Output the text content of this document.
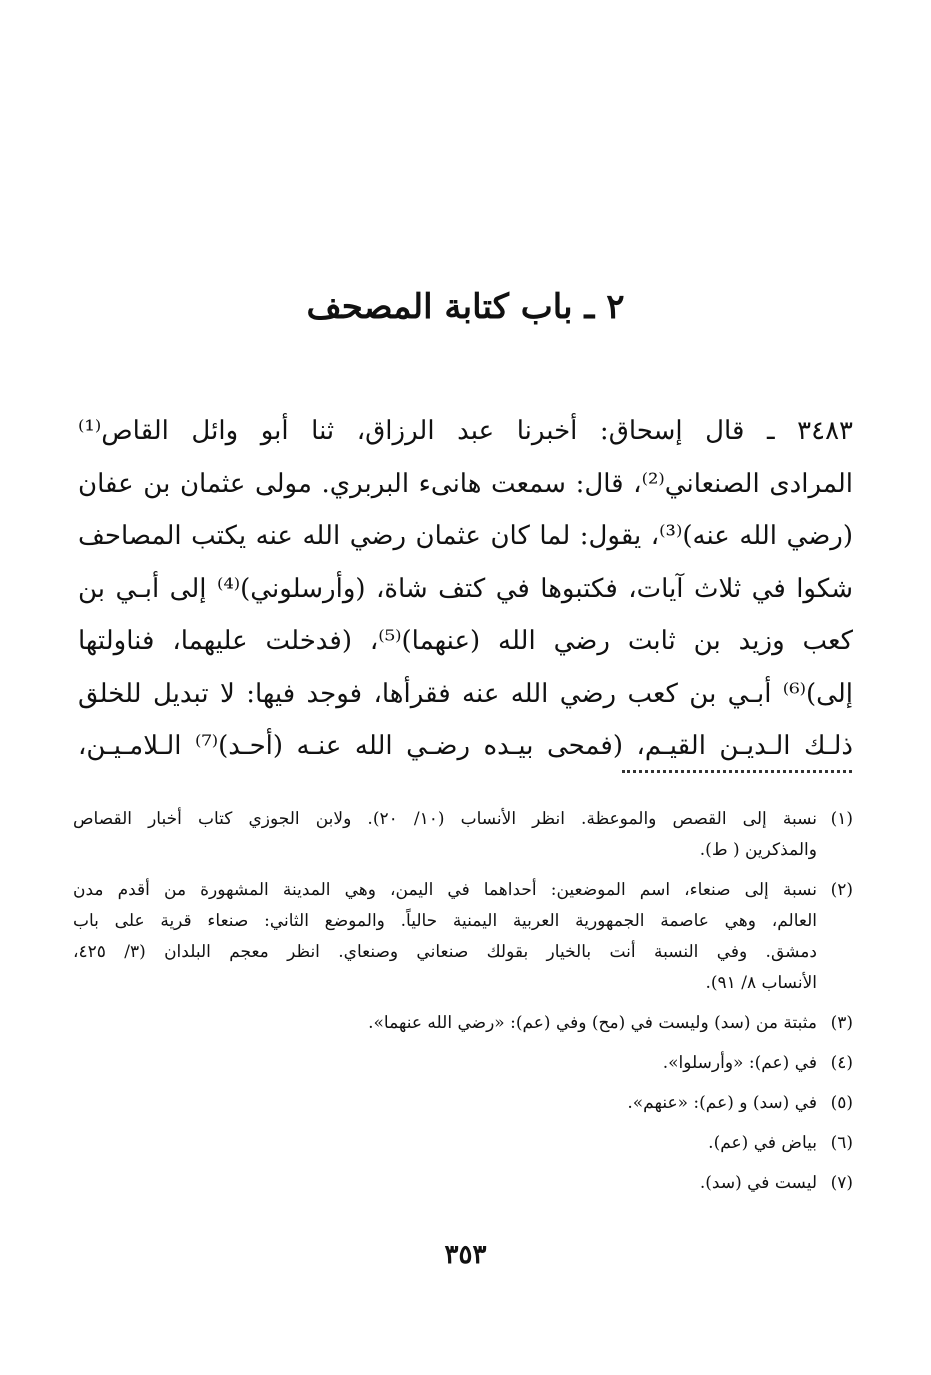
٢ ـ باب كتابة المصحف
٣٤٨٣ ـ قال إسحاق: أخبرنا عبد الرزاق، ثنا أبو وائل القاص⁽¹⁾
المرادى الصنعاني⁽²⁾، قال: سمعت هانىء البربري. مولى عثمان بن عفان
(رضي الله عنه)⁽³⁾، يقول: لما كان عثمان رضي الله عنه يكتب المصاحف
شكوا في ثلاث آيات، فكتبوها في كتف شاة، (وأرسلوني)⁽⁴⁾ إلى أبـي بن
كعب وزيد بن ثابت رضي الله (عنهما)⁽⁵⁾، (فدخلت عليهما، فناولتها
إلى)⁽⁶⁾ أبـي بن كعب رضي الله عنه فقرأها، فوجد فيها: لا تبديل للخلق
ذلـك الـديـن القيـم، (فمحى بيـده رضـي الله عنـه (أحـد)⁽⁷⁾ الـلامـيـن،
(١)
نسبة إلى القصص والموعظة. انظر الأنساب (١٠/ ٢٠). ولابن الجوزي كتاب أخبار القصاص
والمذكرين ( ط).
(٢)
نسبة إلى صنعاء، اسم الموضعين: أحداهما في اليمن، وهي المدينة المشهورة من أقدم مدن
العالم، وهي عاصمة الجمهورية العربية اليمنية حالياً. والموضع الثاني: صنعاء قرية على باب
دمشق. وفي النسبة أنت بالخيار بقولك صنعاني وصنعاي. انظر معجم البلدان (٣/ ٤٢٥،
الأنساب ٨/ ٩١).
(٣)
مثبتة من (سد) وليست في (مح) وفي (عم): «رضي الله عنهما».
(٤)
في (عم): «وأرسلوا».
(٥)
في (سد) و (عم): «عنهم».
(٦)
بياض في (عم).
(٧)
ليست في (سد).
٣٥٣
